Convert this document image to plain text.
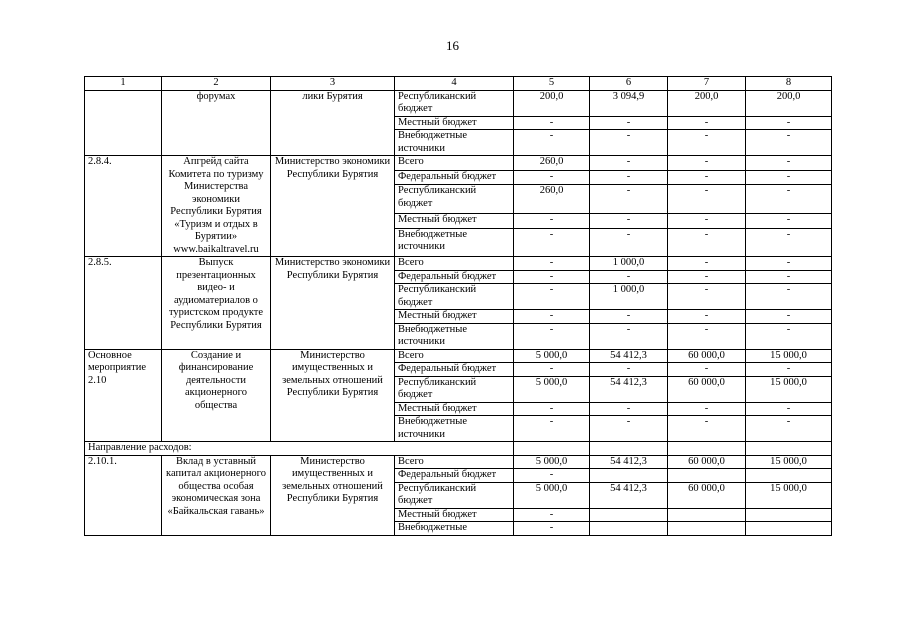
16
1	2	3	4	5	6	7	8
	форумах	лики Бурятия	Республиканский бюджет	200,0	3 094,9	200,0	200,0
			Местный бюджет	-	-	-	-
			Внебюджетные источники	-	-	-	-
2.8.4.	Апгрейд сайта Комитета по туризму Министерства экономики Республики Бурятия «Туризм и отдых в Бурятии» www.baikaltravel.ru	Министерство экономики Республики Бурятия	Всего	260,0	-	-	-
			Федеральный бюджет	-	-	-	-
			Республиканский бюджет	260,0	-	-	-
			Местный бюджет	-	-	-	-
			Внебюджетные источники	-	-	-	-
2.8.5.	Выпуск презентационных видео- и аудиоматериалов о туристском продукте Республики Бурятия	Министерство экономики Республики Бурятия	Всего	-	1 000,0	-	-
			Федеральный бюджет	-	-	-	-
			Республиканский бюджет	-	1 000,0	-	-
			Местный бюджет	-	-	-	-
			Внебюджетные источники	-	-	-	-
Основное мероприятие 2.10	Создание и финансирование деятельности акционерного общества	Министерство имущественных и земельных отношений Республики Бурятия	Всего	5 000,0	54 412,3	60 000,0	15 000,0
			Федеральный бюджет	-	-	-	-
			Республиканский бюджет	5 000,0	54 412,3	60 000,0	15 000,0
			Местный бюджет	-	-	-	-
			Внебюджетные источники	-	-	-	-
Направление расходов:							
2.10.1.	Вклад в уставный капитал акционерного общества особая экономическая зона «Байкальская гавань»	Министерство имущественных и земельных отношений Республики Бурятия	Всего	5 000,0	54 412,3	60 000,0	15 000,0
			Федеральный бюджет	-			
			Республиканский бюджет	5 000,0	54 412,3	60 000,0	15 000,0
			Местный бюджет	-			
			Внебюджетные	-			
